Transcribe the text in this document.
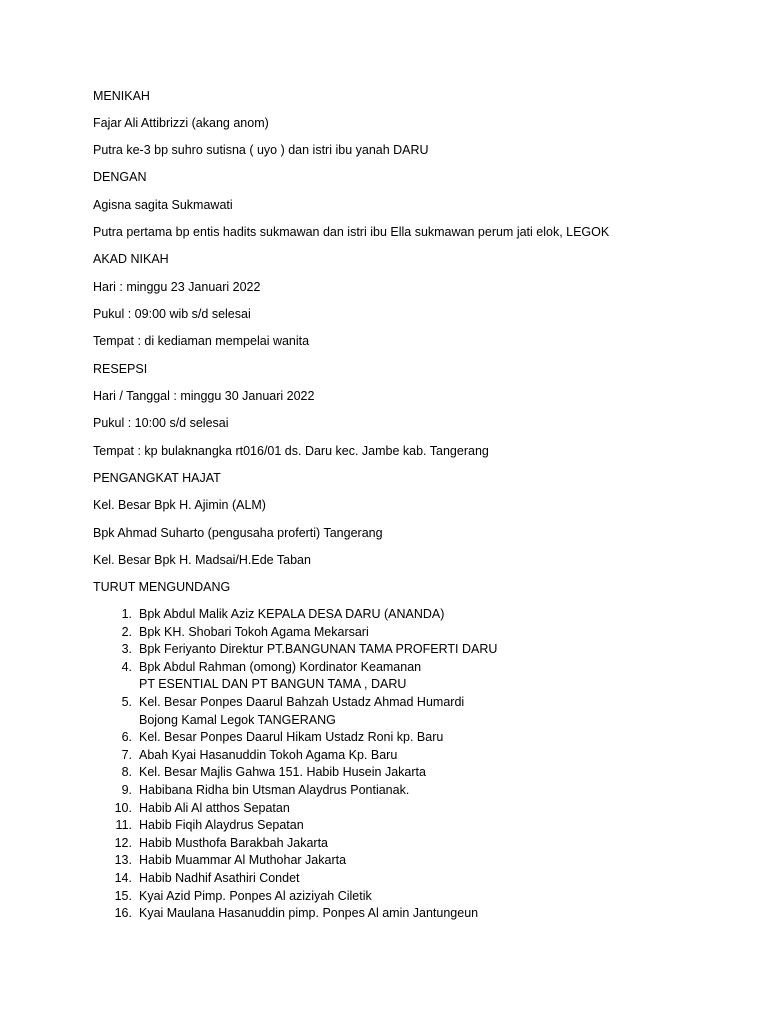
MENIKAH
Fajar Ali Attibrizzi (akang anom)
Putra ke-3 bp suhro sutisna ( uyo ) dan istri ibu yanah DARU
DENGAN
Agisna sagita Sukmawati
Putra pertama bp entis hadits sukmawan dan istri ibu Ella sukmawan perum jati elok, LEGOK
AKAD NIKAH
Hari : minggu 23 Januari 2022
Pukul : 09:00 wib s/d selesai
Tempat : di kediaman mempelai wanita
RESEPSI
Hari / Tanggal : minggu 30 Januari 2022
Pukul : 10:00 s/d selesai
Tempat : kp bulaknangka rt016/01 ds. Daru kec. Jambe kab. Tangerang
PENGANGKAT HAJAT
Kel. Besar Bpk H. Ajimin (ALM)
Bpk Ahmad Suharto (pengusaha proferti) Tangerang
Kel. Besar Bpk H. Madsai/H.Ede Taban
TURUT MENGUNDANG
1. Bpk Abdul Malik Aziz KEPALA DESA DARU (ANANDA)
2. Bpk KH. Shobari Tokoh Agama Mekarsari
3. Bpk Feriyanto Direktur PT.BANGUNAN TAMA PROFERTI DARU
4. Bpk Abdul Rahman (omong) Kordinator Keamanan
PT ESENTIAL DAN PT BANGUN TAMA , DARU
5. Kel. Besar Ponpes Daarul Bahzah Ustadz Ahmad Humardi
Bojong Kamal Legok TANGERANG
6. Kel. Besar Ponpes Daarul Hikam Ustadz Roni kp. Baru
7. Abah Kyai Hasanuddin Tokoh Agama Kp. Baru
8. Kel. Besar Majlis Gahwa 151. Habib Husein Jakarta
9. Habibana Ridha bin Utsman Alaydrus Pontianak.
10. Habib Ali Al atthos Sepatan
11. Habib Fiqih Alaydrus Sepatan
12. Habib Musthofa Barakbah Jakarta
13. Habib Muammar Al Muthohar Jakarta
14. Habib Nadhif Asathiri Condet
15. Kyai Azid Pimp. Ponpes Al aziziyah Ciletik
16. Kyai Maulana Hasanuddin pimp. Ponpes Al amin Jantungeun
